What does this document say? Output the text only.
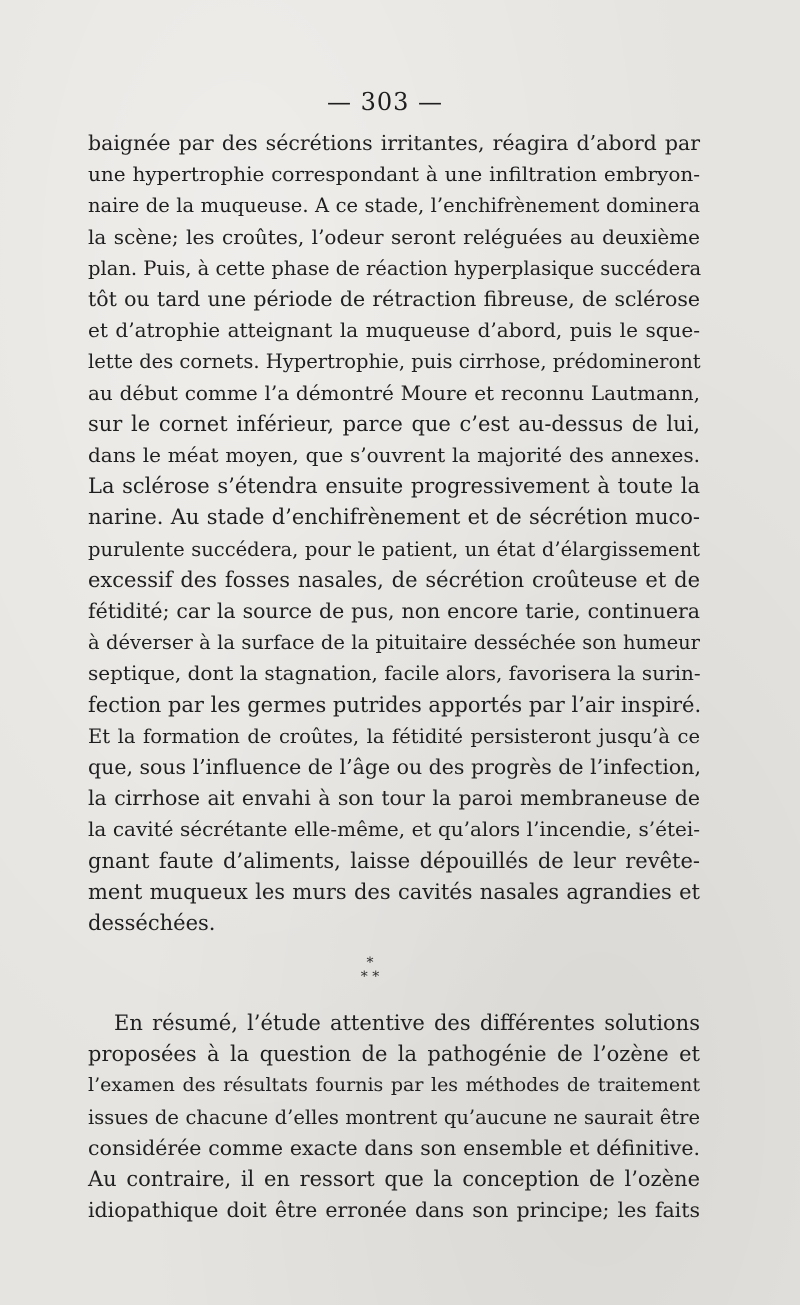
— 303 —
baignée par des sécrétions irritantes, réagira d’abord par
une hypertrophie correspondant à une infiltration embryon-
naire de la muqueuse. A ce stade, l’enchifrènement dominera
la scène; les croûtes, l’odeur seront reléguées au deuxième
plan. Puis, à cette phase de réaction hyperplasique succédera
tôt ou tard une période de rétraction fibreuse, de sclérose
et d’atrophie atteignant la muqueuse d’abord, puis le sque-
lette des cornets. Hypertrophie, puis cirrhose, prédomineront
au début comme l’a démontré Moure et reconnu Lautmann,
sur le cornet inférieur, parce que c’est au-dessus de lui,
dans le méat moyen, que s’ouvrent la majorité des annexes.
La sclérose s’étendra ensuite progressivement à toute la
narine. Au stade d’enchifrènement et de sécrétion muco-
purulente succédera, pour le patient, un état d’élargissement
excessif des fosses nasales, de sécrétion croûteuse et de
fétidité; car la source de pus, non encore tarie, continuera
à déverser à la surface de la pituitaire desséchée son humeur
septique, dont la stagnation, facile alors, favorisera la surin-
fection par les germes putrides apportés par l’air inspiré.
Et la formation de croûtes, la fétidité persisteront jusqu’à ce
que, sous l’influence de l’âge ou des progrès de l’infection,
la cirrhose ait envahi à son tour la paroi membraneuse de
la cavité sécrétante elle-même, et qu’alors l’incendie, s’étei-
gnant faute d’aliments, laisse dépouillés de leur revête-
ment muqueux les murs des cavités nasales agrandies et
desséchées.
*
* *
En résumé, l’étude attentive des différentes solutions
proposées à la question de la pathogénie de l’ozène et
l’examen des résultats fournis par les méthodes de traitement
issues de chacune d’elles montrent qu’aucune ne saurait être
considérée comme exacte dans son ensemble et définitive.
Au contraire, il en ressort que la conception de l’ozène
idiopathique doit être erronée dans son principe; les faits
